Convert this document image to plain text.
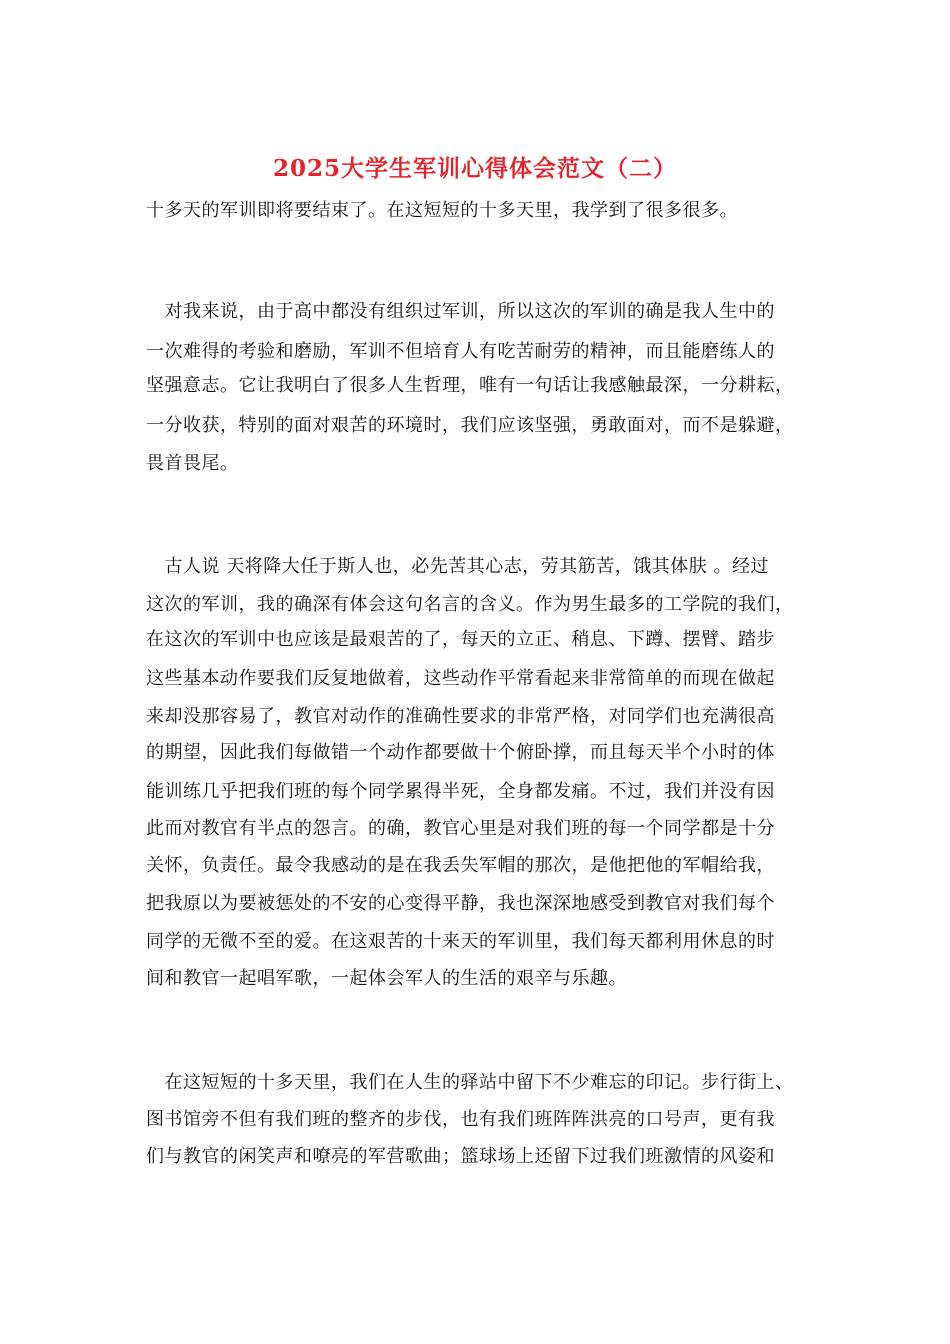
2025大学生军训心得体会范文（二）
十多天的军训即将要结束了。在这短短的十多天里，我学到了很多很多。
　对我来说，由于高中都没有组织过军训，所以这次的军训的确是我人生中的
一次难得的考验和磨励，军训不但培育人有吃苦耐劳的精神，而且能磨练人的
坚强意志。它让我明白了很多人生哲理，唯有一句话让我感触最深，一分耕耘，
一分收获，特别的面对艰苦的环境时，我们应该坚强，勇敢面对，而不是躲避，
畏首畏尾。
　古人说 天将降大任于斯人也，必先苦其心志，劳其筋苦，饿其体肤 。经过
这次的军训，我的确深有体会这句名言的含义。作为男生最多的工学院的我们，
在这次的军训中也应该是最艰苦的了，每天的立正、稍息、下蹲、摆臂、踏步
这些基本动作要我们反复地做着，这些动作平常看起来非常简单的而现在做起
来却没那容易了，教官对动作的准确性要求的非常严格，对同学们也充满很高
的期望，因此我们每做错一个动作都要做十个俯卧撑，而且每天半个小时的体
能训练几乎把我们班的每个同学累得半死，全身都发痛。不过，我们并没有因
此而对教官有半点的怨言。的确，教官心里是对我们班的每一个同学都是十分
关怀，负责任。最令我感动的是在我丢失军帽的那次，是他把他的军帽给我，
把我原以为要被惩处的不安的心变得平静，我也深深地感受到教官对我们每个
同学的无微不至的爱。在这艰苦的十来天的军训里，我们每天都利用休息的时
间和教官一起唱军歌，一起体会军人的生活的艰辛与乐趣。
　在这短短的十多天里，我们在人生的驿站中留下不少难忘的印记。步行街上、
图书馆旁不但有我们班的整齐的步伐，也有我们班阵阵洪亮的口号声，更有我
们与教官的闲笑声和嘹亮的军营歌曲；篮球场上还留下过我们班激情的风姿和
